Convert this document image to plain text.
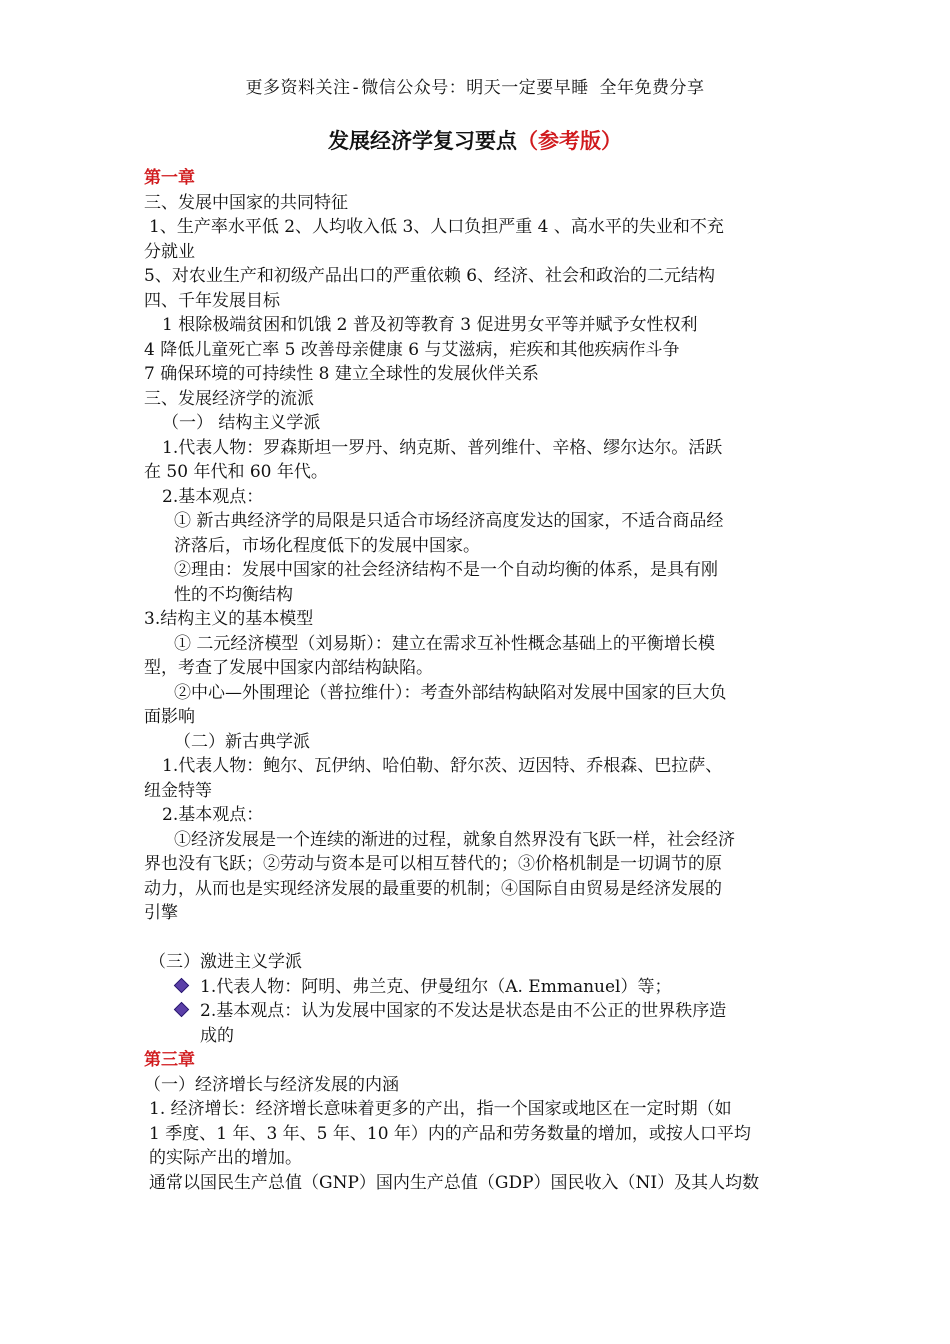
更多资料关注-微信公众号：明天一定要早睡 全年免费分享
发展经济学复习要点（参考版）
第一章
三、发展中国家的共同特征
1、生产率水平低 2、人均收入低 3、人口负担严重 4 、高水平的失业和不充
分就业
5、对农业生产和初级产品出口的严重依赖 6、经济、社会和政治的二元结构
四、千年发展目标
1 根除极端贫困和饥饿 2 普及初等教育 3 促进男女平等并赋予女性权利
4 降低儿童死亡率 5 改善母亲健康 6 与艾滋病，疟疾和其他疾病作斗争
7 确保环境的可持续性 8 建立全球性的发展伙伴关系
三、发展经济学的流派
（一） 结构主义学派
1.代表人物：罗森斯坦一罗丹、纳克斯、普列维什、辛格、缪尔达尔。活跃
在 50 年代和 60 年代。
2.基本观点：
① 新古典经济学的局限是只适合市场经济高度发达的国家，不适合商品经
济落后，市场化程度低下的发展中国家。
②理由：发展中国家的社会经济结构不是一个自动均衡的体系，是具有刚
性的不均衡结构
3.结构主义的基本模型
① 二元经济模型（刘易斯）：建立在需求互补性概念基础上的平衡增长模
型，考查了发展中国家内部结构缺陷。
②中心—外围理论（普拉维什）：考查外部结构缺陷对发展中国家的巨大负
面影响
（二）新古典学派
1.代表人物：鲍尔、瓦伊纳、哈伯勒、舒尔茨、迈因特、乔根森、巴拉萨、
纽金特等
2.基本观点：
①经济发展是一个连续的渐进的过程，就象自然界没有飞跃一样，社会经济
界也没有飞跃；②劳动与资本是可以相互替代的；③价格机制是一切调节的原
动力，从而也是实现经济发展的最重要的机制；④国际自由贸易是经济发展的
引擎
（三）激进主义学派
1.代表人物：阿明、弗兰克、伊曼纽尔（A. Emmanuel）等；
2.基本观点：认为发展中国家的不发达是状态是由不公正的世界秩序造
成的
第三章
（一）经济增长与经济发展的内涵
1. 经济增长：经济增长意味着更多的产出，指一个国家或地区在一定时期（如
1 季度、1 年、3 年、5 年、10 年）内的产品和劳务数量的增加，或按人口平均
的实际产出的增加。
通常以国民生产总值（GNP）国内生产总值（GDP）国民收入（NI）及其人均数
